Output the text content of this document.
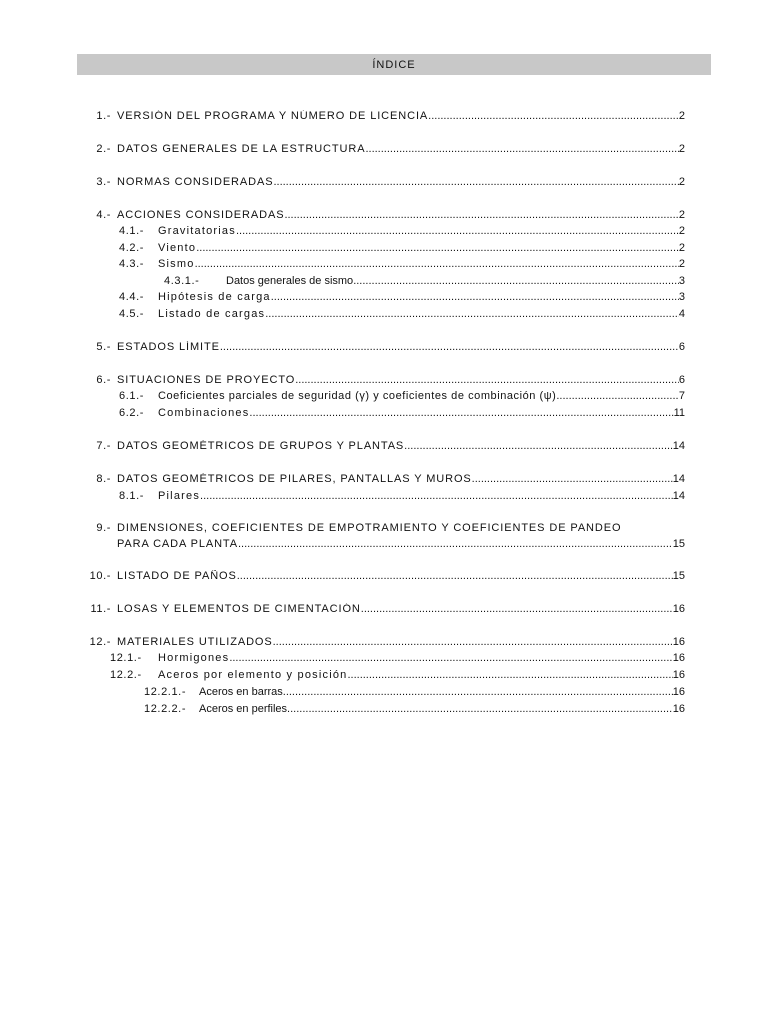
ÍNDICE
1.- VERSIÓN DEL PROGRAMA Y NÚMERO DE LICENCIA .....	2
2.- DATOS GENERALES DE LA ESTRUCTURA .....	2
3.- NORMAS CONSIDERADAS .....	2
4.- ACCIONES CONSIDERADAS .....	2
4.1.- Gravitatorias .....	2
4.2.- Viento .....	2
4.3.- Sismo .....	2
4.3.1.- Datos generales de sismo .....	3
4.4.- Hipótesis de carga .....	3
4.5.- Listado de cargas .....	4
5.- ESTADOS LÍMITE .....	6
6.- SITUACIONES DE PROYECTO .....	6
6.1.- Coeficientes parciales de seguridad (γ) y coeficientes de combinación (ψ) .....	7
6.2.- Combinaciones .....	11
7.- DATOS GEOMÉTRICOS DE GRUPOS Y PLANTAS .....	14
8.- DATOS GEOMÉTRICOS DE PILARES, PANTALLAS Y MUROS .....	14
8.1.- Pilares .....	14
9.- DIMENSIONES, COEFICIENTES DE EMPOTRAMIENTO Y COEFICIENTES DE PANDEO
PARA CADA PLANTA .....	15
10.- LISTADO DE PAÑOS .....	15
11.- LOSAS Y ELEMENTOS DE CIMENTACIÓN .....	16
12.- MATERIALES UTILIZADOS .....	16
12.1.- Hormigones .....	16
12.2.- Aceros por elemento y posición .....	16
12.2.1.- Aceros en barras .....	16
12.2.2.- Aceros en perfiles .....	16
